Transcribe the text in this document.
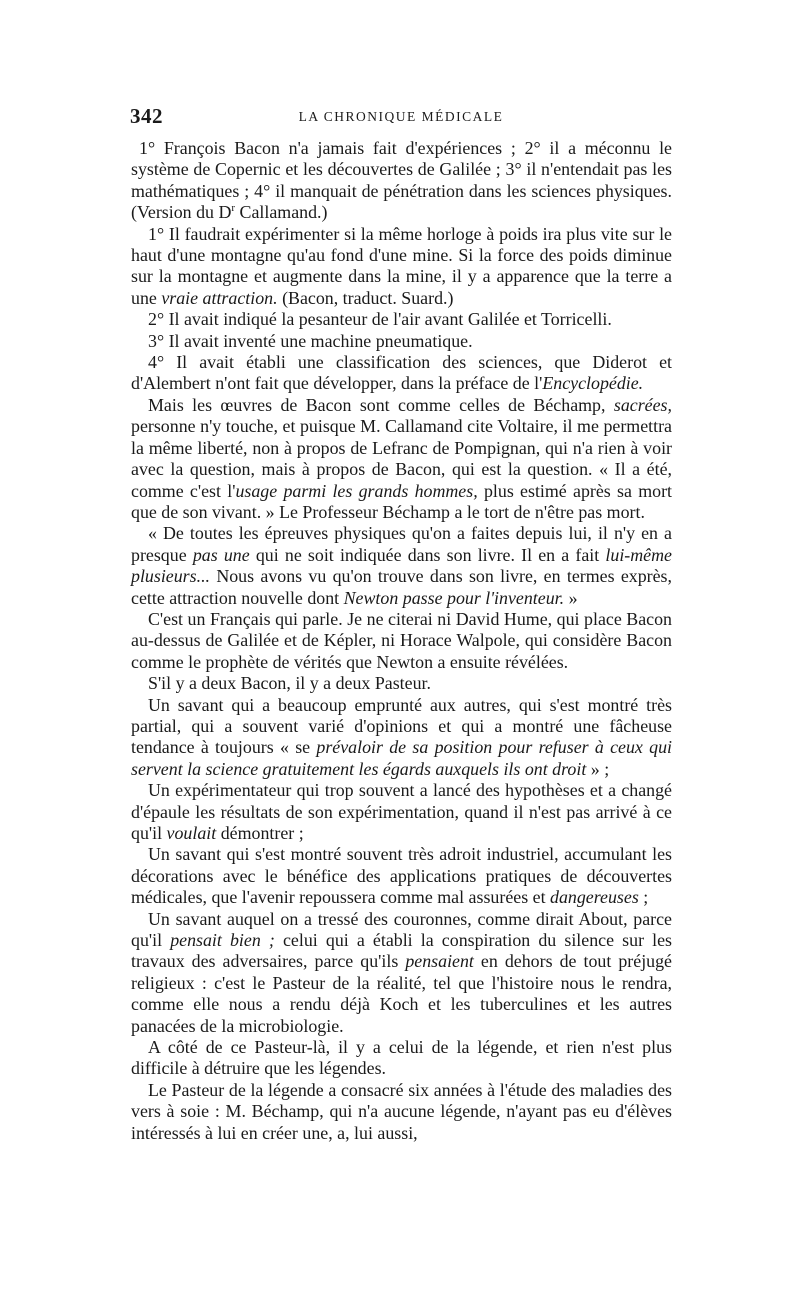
342	LA CHRONIQUE MÉDICALE

1° François Bacon n'a jamais fait d'expériences ; 2° il a méconnu le système de Copernic et les découvertes de Galilée ; 3° il n'entendait pas les mathématiques ; 4° il manquait de pénétration dans les sciences physiques. (Version du $D^r$ Callamand.)

1° Il faudrait expérimenter si la même horloge à poids ira plus vite sur le haut d'une montagne qu'au fond d'une mine. Si la force des poids diminue sur la montagne et augmente dans la mine, il y a apparence que la terre a une vraie attraction. (Bacon, traduct. Suard.)

2° Il avait indiqué la pesanteur de l'air avant Galilée et Torricelli.

3° Il avait inventé une machine pneumatique.

4° Il avait établi une classification des sciences, que Diderot et d'Alembert n'ont fait que développer, dans la préface de l'Encyclopédie.

Mais les œuvres de Bacon sont comme celles de Béchamp, sacrées, personne n'y touche, et puisque M. Callamand cite Voltaire, il me permettra la même liberté, non à propos de Lefranc de Pompignan, qui n'a rien à voir avec la question, mais à propos de Bacon, qui est la question. « Il a été, comme c'est l'usage parmi les grands hommes, plus estimé après sa mort que de son vivant. » Le Professeur Béchamp a le tort de n'être pas mort.

« De toutes les épreuves physiques qu'on a faites depuis lui, il n'y en a presque pas une qui ne soit indiquée dans son livre. Il en a fait lui-même plusieurs... Nous avons vu qu'on trouve dans son livre, en termes exprès, cette attraction nouvelle dont Newton passe pour l'inventeur. »

C'est un Français qui parle. Je ne citerai ni David Hume, qui place Bacon au-dessus de Galilée et de Képler, ni Horace Walpole, qui considère Bacon comme le prophète de vérités que Newton a ensuite révélées.

S'il y a deux Bacon, il y a deux Pasteur.

Un savant qui a beaucoup emprunté aux autres, qui s'est montré très partial, qui a souvent varié d'opinions et qui a montré une fâcheuse tendance à toujours « se prévaloir de sa position pour refuser à ceux qui servent la science gratuitement les égards auxquels ils ont droit » ;

Un expérimentateur qui trop souvent a lancé des hypothèses et a changé d'épaule les résultats de son expérimentation, quand il n'est pas arrivé à ce qu'il voulait démontrer ;

Un savant qui s'est montré souvent très adroit industriel, accumulant les décorations avec le bénéfice des applications pratiques de découvertes médicales, que l'avenir repoussera comme mal assurées et dangereuses ;

Un savant auquel on a tressé des couronnes, comme dirait About, parce qu'il pensait bien ; celui qui a établi la conspiration du silence sur les travaux des adversaires, parce qu'ils pensaient en dehors de tout préjugé religieux : c'est le Pasteur de la réalité, tel que l'histoire nous le rendra, comme elle nous a rendu déjà Koch et les tuberculines et les autres panacées de la microbiologie.

A côté de ce Pasteur-là, il y a celui de la légende, et rien n'est plus difficile à détruire que les légendes.

Le Pasteur de la légende a consacré six années à l'étude des maladies des vers à soie : M. Béchamp, qui n'a aucune légende, n'ayant pas eu d'élèves intéressés à lui en créer une, a, lui aussi,
